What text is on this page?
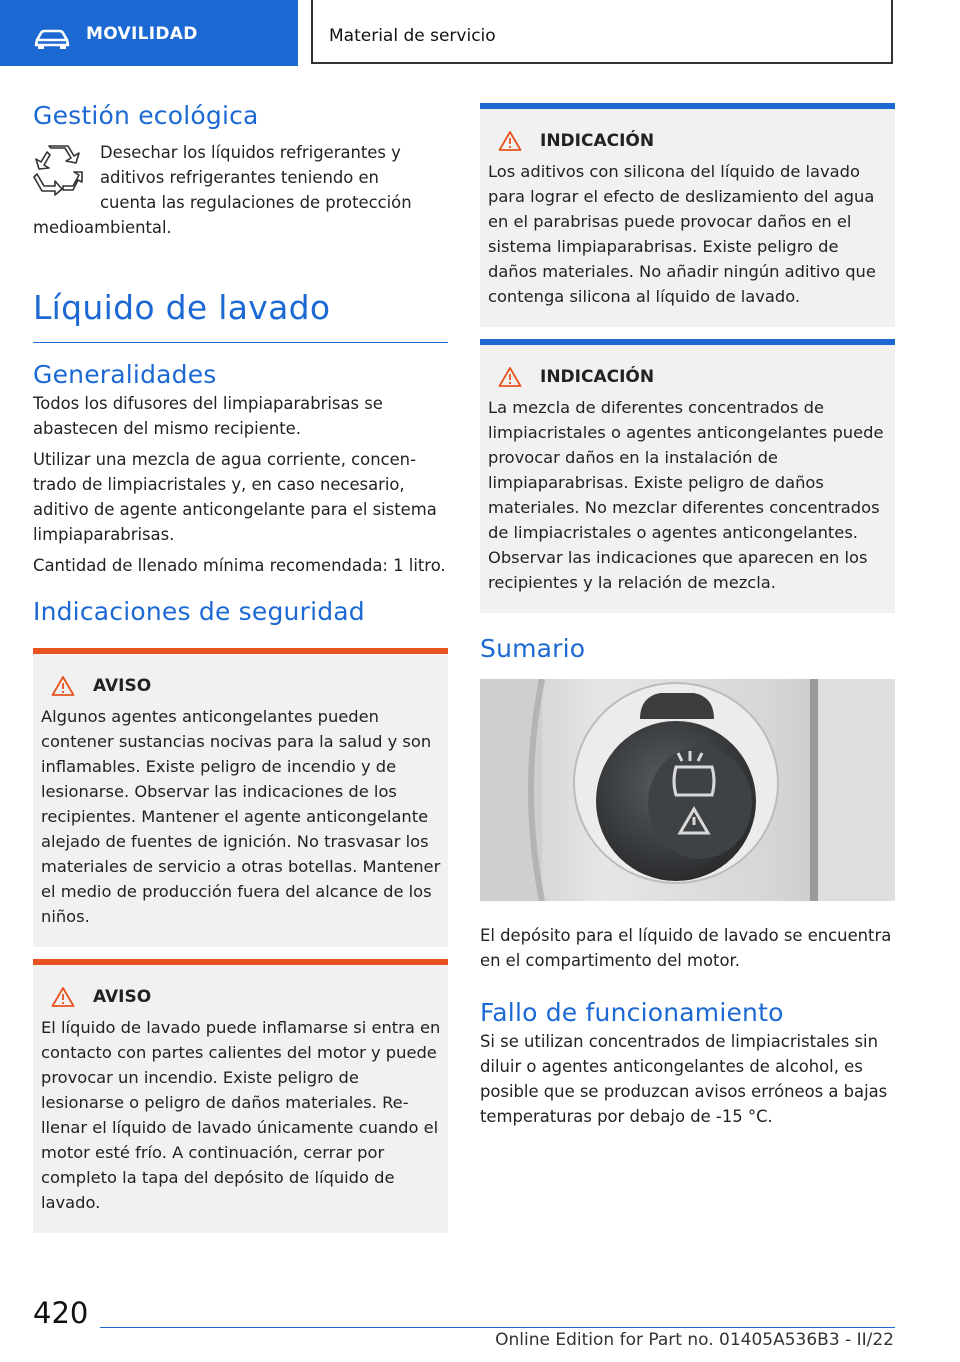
MOVILIDAD	Material de servicio
Gestión ecológica
Desechar los líquidos refrigerantes y
aditivos refrigerantes teniendo en
cuenta las regulaciones de protección
medioambiental.
Líquido de lavado
Generalidades

Todos los difusores del limpiaparabrisas se abastecen del mismo recipiente.

Utilizar una mezcla de agua corriente, concentrado de limpiacristales y, en caso necesario, aditivo de agente anticongelante para el sistema limpiaparabrisas.

Cantidad de llenado mínima recomendada: 1 litro.

Indicaciones de seguridad
AVISO

Algunos agentes anticongelantes pueden contener sustancias nocivas para la salud y son inflamables. Existe peligro de incendio y de lesionarse. Observar las indicaciones de los recipientes. Mantener el agente anticongelante alejado de fuentes de ignición. No trasvasar los materiales de servicio a otras botellas. Mantener el medio de producción fuera del alcance de los niños.

AVISO

El líquido de lavado puede inflamarse si entra en contacto con partes calientes del motor y puede provocar un incendio. Existe peligro de lesionarse o peligro de daños materiales. Rellenar el líquido de lavado únicamente cuando el motor esté frío. A continuación, cerrar por completo la tapa del depósito de líquido de lavado.

INDICACIÓN

Los aditivos con silicona del líquido de lavado para lograr el efecto de deslizamiento del agua en el parabrisas puede provocar daños en el sistema limpiaparabrisas. Existe peligro de daños materiales. No añadir ningún aditivo que contenga silicona al líquido de lavado.

INDICACIÓN

La mezcla de diferentes concentrados de limpiacristales o agentes anticongelantes puede provocar daños en la instalación de limpiaparabrisas. Existe peligro de daños materiales. No mezclar diferentes concentrados de limpiacristales o agentes anticongelantes. Observar las indicaciones que aparecen en los recipientes y la relación de mezcla.

Sumario

El depósito para el líquido de lavado se encuentra en el compartimento del motor.

Fallo de funcionamiento

Si se utilizan concentrados de limpiacristales sin diluir o agentes anticongelantes de alcohol, es posible que se produzcan avisos erróneos a bajas temperaturas por debajo de -15 °C.

420
Online Edition for Part no. 01405A536B3 - II/22
